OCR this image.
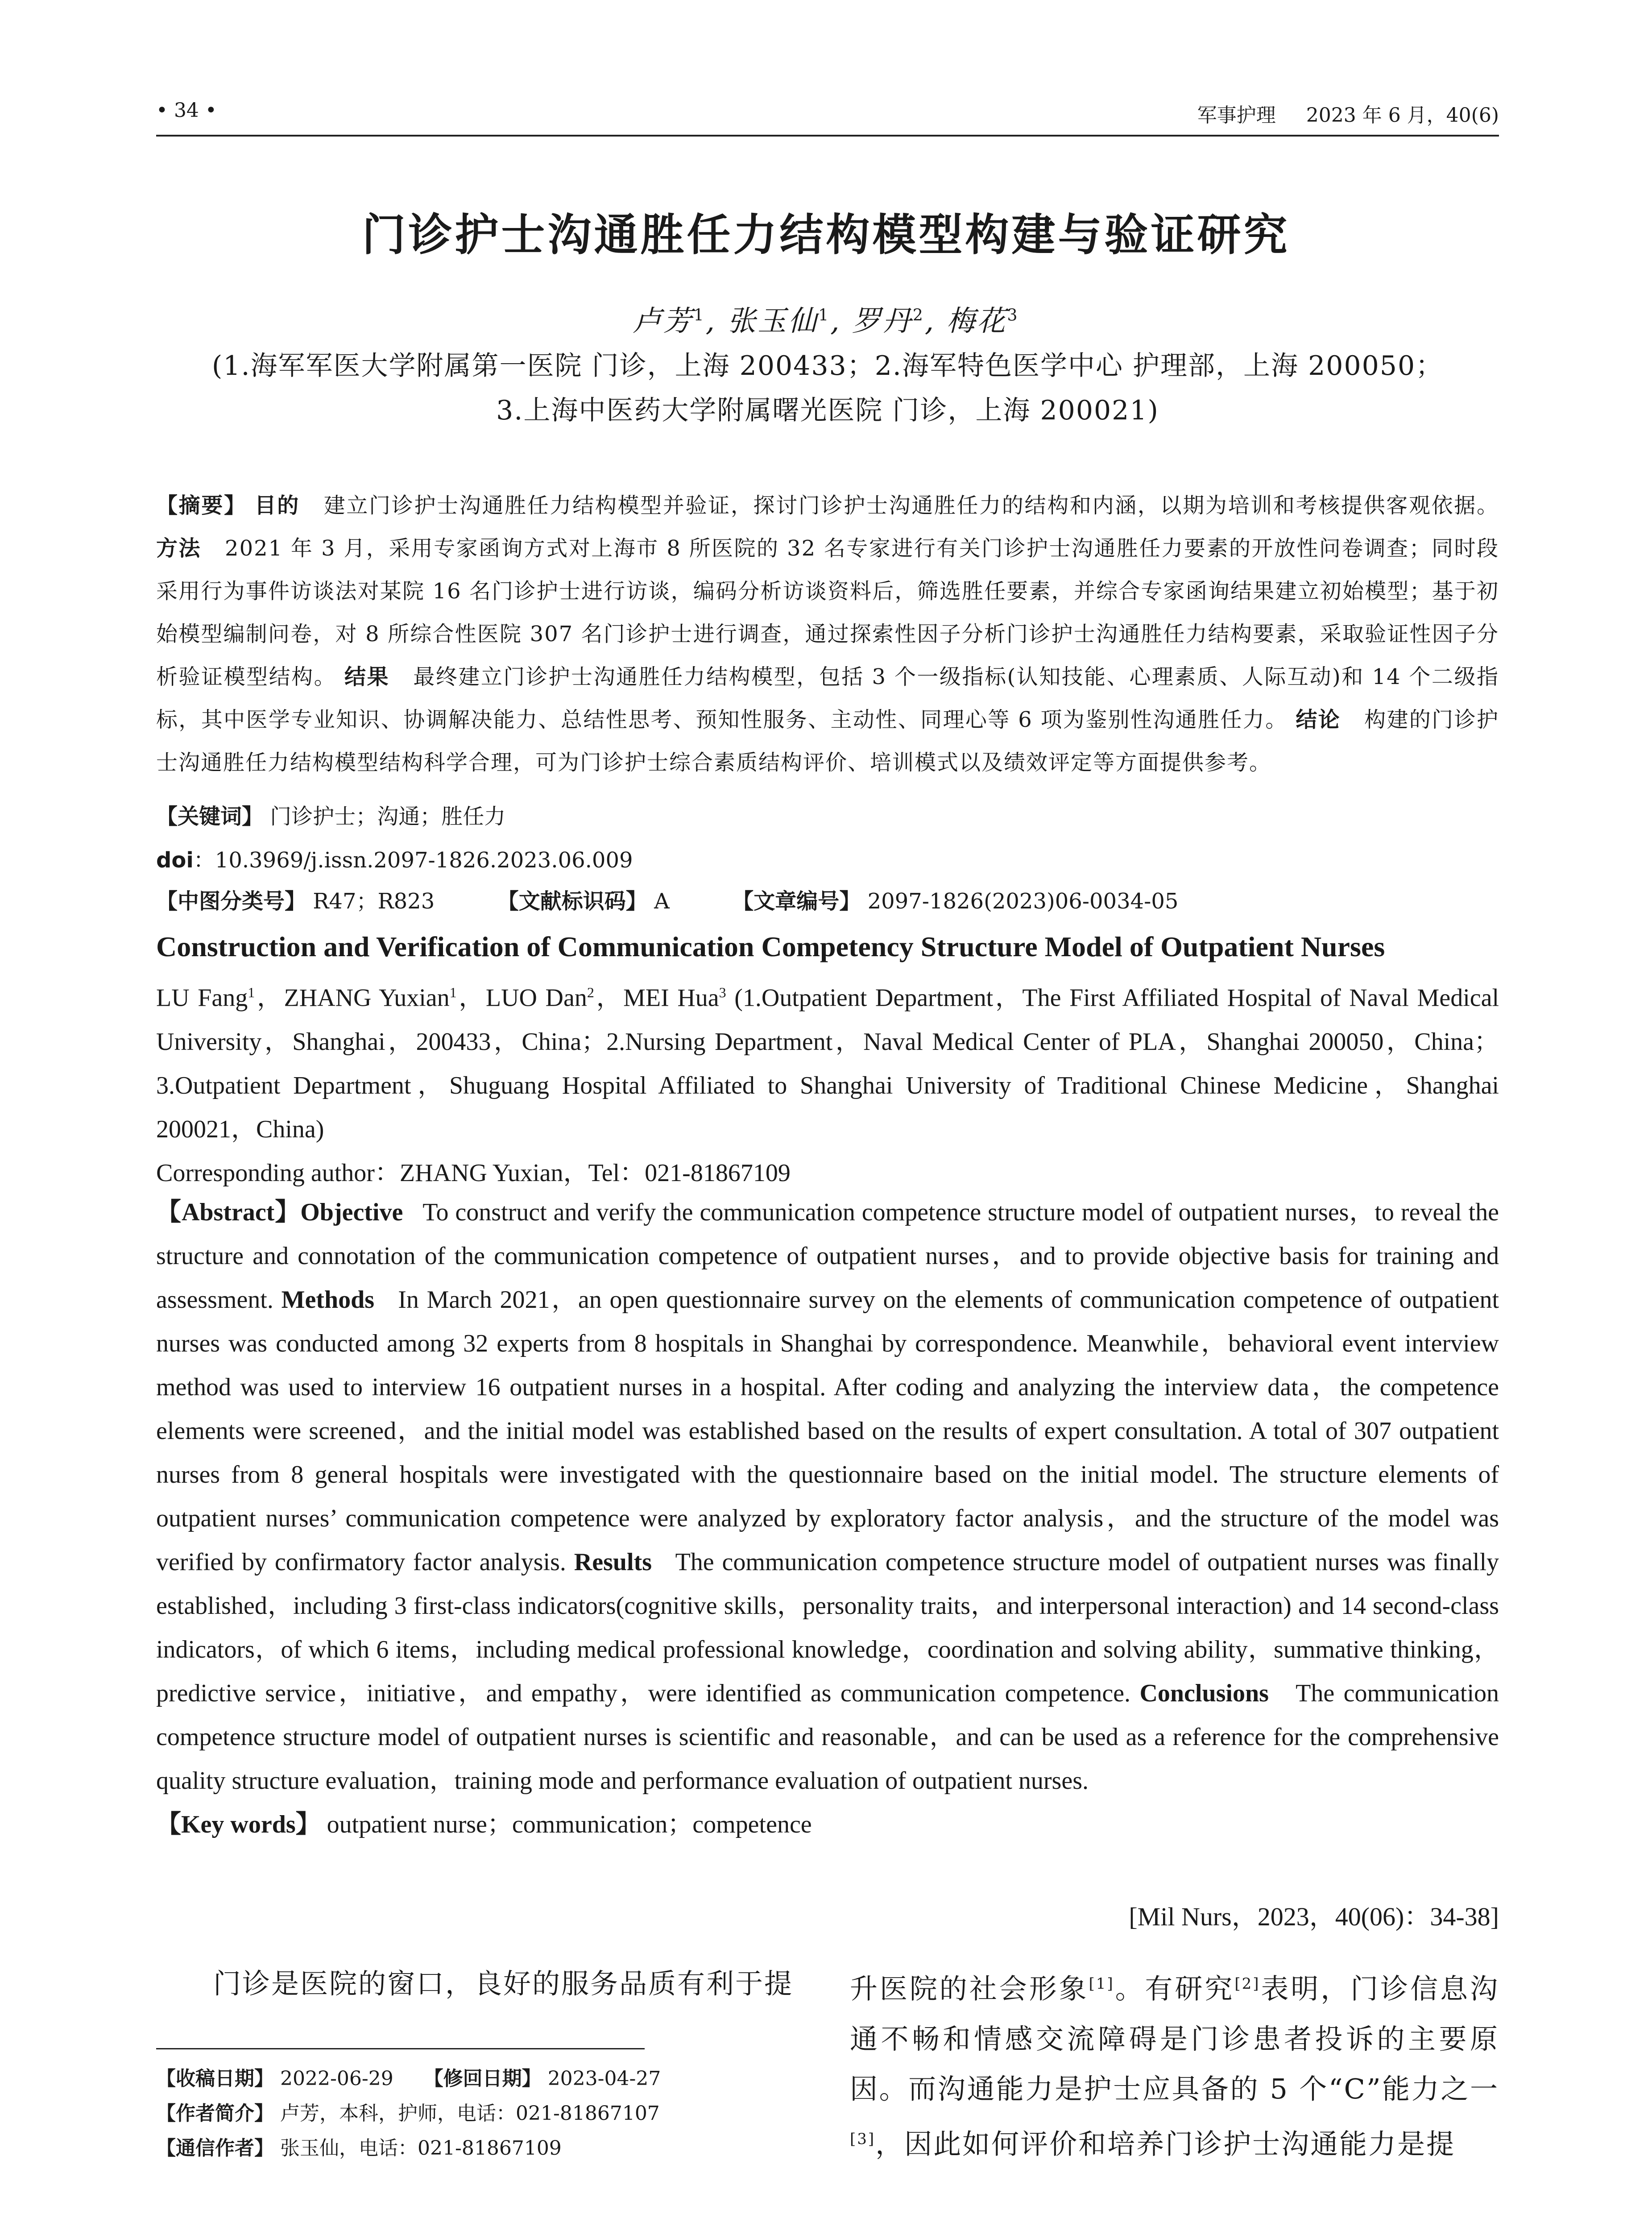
• 34 •	军事护理 2023 年 6 月，40(6)
门诊护士沟通胜任力结构模型构建与验证研究
卢芳$^1$, 张玉仙$^1$, 罗丹$^2$, 梅花$^3$
(1.海军军医大学附属第一医院 门诊，上海 200433；2.海军特色医学中心 护理部，上海 200050；
3.上海中医药大学附属曙光医院 门诊，上海 200021)
【摘要】 目的 建立门诊护士沟通胜任力结构模型并验证，探讨门诊护士沟通胜任力的结构和内涵，以期为培训和考核提供客观依据。 方法 2021 年 3 月，采用专家函询方式对上海市 8 所医院的 32 名专家进行有关门诊护士沟通胜任力要素的开放性问卷调查；同时段采用行为事件访谈法对某院 16 名门诊护士进行访谈，编码分析访谈资料后，筛选胜任要素，并综合专家函询结果建立初始模型；基于初始模型编制问卷，对 8 所综合性医院 307 名门诊护士进行调查，通过探索性因子分析门诊护士沟通胜任力结构要素，采取验证性因子分析验证模型结构。 结果 最终建立门诊护士沟通胜任力结构模型，包括 3 个一级指标(认知技能、心理素质、人际互动)和 14 个二级指标，其中医学专业知识、协调解决能力、总结性思考、预知性服务、主动性、同理心等 6 项为鉴别性沟通胜任力。 结论 构建的门诊护士沟通胜任力结构模型结构科学合理，可为门诊护士综合素质结构评价、培训模式以及绩效评定等方面提供参考。
【关键词】 门诊护士；沟通；胜任力
doi：10.3969/j.issn.2097-1826.2023.06.009
【中图分类号】 R47；R823	【文献标识码】 A	【文章编号】 2097-1826(2023)06-0034-05
Construction and Verification of Communication Competency Structure Model of Outpatient Nurses
LU Fang$^1$，ZHANG Yuxian$^1$，LUO Dan$^2$，MEI Hua$^3$ (1.Outpatient Department，The First Affiliated Hospital of Naval Medical University，Shanghai，200433，China；2.Nursing Department，Naval Medical Center of PLA，Shanghai 200050，China；3.Outpatient Department，Shuguang Hospital Affiliated to Shanghai University of Traditional Chinese Medicine，Shanghai 200021，China)
Corresponding author：ZHANG Yuxian，Tel：021-81867109
【Abstract】Objective To construct and verify the communication competence structure model of outpatient nurses，to reveal the structure and connotation of the communication competence of outpatient nurses，and to provide objective basis for training and assessment. Methods In March 2021，an open questionnaire survey on the elements of communication competence of outpatient nurses was conducted among 32 experts from 8 hospitals in Shanghai by correspondence. Meanwhile，behavioral event interview method was used to interview 16 outpatient nurses in a hospital. After coding and analyzing the interview data，the competence elements were screened，and the initial model was established based on the results of expert consultation. A total of 307 outpatient nurses from 8 general hospitals were investigated with the questionnaire based on the initial model. The structure elements of outpatient nurses’ communication competence were analyzed by exploratory factor analysis，and the structure of the model was verified by confirmatory factor analysis. Results The communication competence structure model of outpatient nurses was finally established，including 3 first-class indicators(cognitive skills，personality traits，and interpersonal interaction) and 14 second-class indicators，of which 6 items，including medical professional knowledge，coordination and solving ability，summative thinking，predictive service，initiative，and empathy，were identified as communication competence. Conclusions The communication competence structure model of outpatient nurses is scientific and reasonable，and can be used as a reference for the comprehensive quality structure evaluation，training mode and performance evaluation of outpatient nurses.
【Key words】 outpatient nurse；communication；competence
[Mil Nurs，2023，40(06)：34-38]
门诊是医院的窗口，良好的服务品质有利于提	升医院的社会形象[1]。有研究[2]表明，门诊信息沟通不畅和情感交流障碍是门诊患者投诉的主要原因。而沟通能力是护士应具备的 5 个“C”能力之一[3]，因此如何评价和培养门诊护士沟通能力是提
【收稿日期】 2022-06-29 【修回日期】 2023-04-27
【作者简介】 卢芳，本科，护师，电话：021-81867107
【通信作者】 张玉仙，电话：021-81867109
